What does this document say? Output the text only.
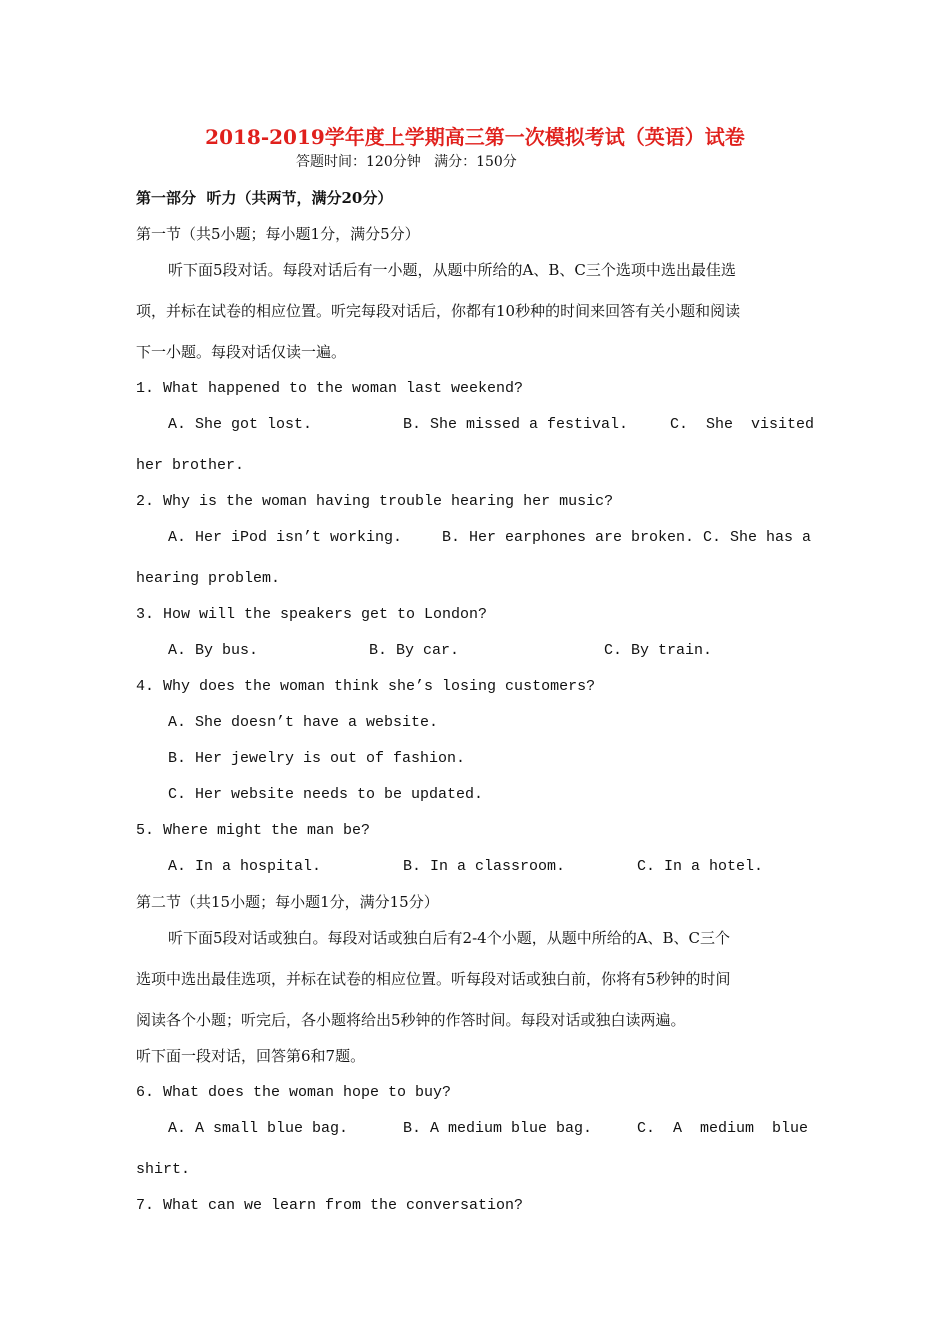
2018-2019学年度上学期高三第一次模拟考试（英语）试卷
答题时间：120分钟   满分：150分
第一部分  听力（共两节，满分20分）
第一节（共5小题；每小题1分，满分5分）
听下面5段对话。每段对话后有一小题，从题中所给的A、B、C三个选项中选出最佳选
项，并标在试卷的相应位置。听完每段对话后，你都有10秒种的时间来回答有关小题和阅读
下一小题。每段对话仅读一遍。
1. What happened to the woman last weekend?

A. She got lost.

	B. She missed a festival.

	C.  She  visited

her brother.
2. Why is the woman having trouble hearing her music?

A. Her iPod isn’t working.

	B. Her earphones are broken.

C. She has a

hearing problem.
3. How will the speakers get to London?

A. By bus.

	B. By car.

	C. By train.

4. Why does the woman think she’s losing customers?
A. She doesn’t have a website.
B. Her jewelry is out of fashion.
C. Her website needs to be updated.
5. Where might the man be?

A. In a hospital.

	B. In a classroom.

	C. In a hotel.

第二节（共15小题；每小题1分，满分15分）
听下面5段对话或独白。每段对话或独白后有2-4个小题，从题中所给的A、B、C三个
选项中选出最佳选项，并标在试卷的相应位置。听每段对话或独白前，你将有5秒钟的时间
阅读各个小题；听完后，各小题将给出5秒钟的作答时间。每段对话或独白读两遍。
听下面一段对话，回答第6和7题。
6. What does the woman hope to buy?

A. A small blue bag.

	B. A medium blue bag.

	C.  A  medium  blue

shirt.
7. What can we learn from the conversation?
